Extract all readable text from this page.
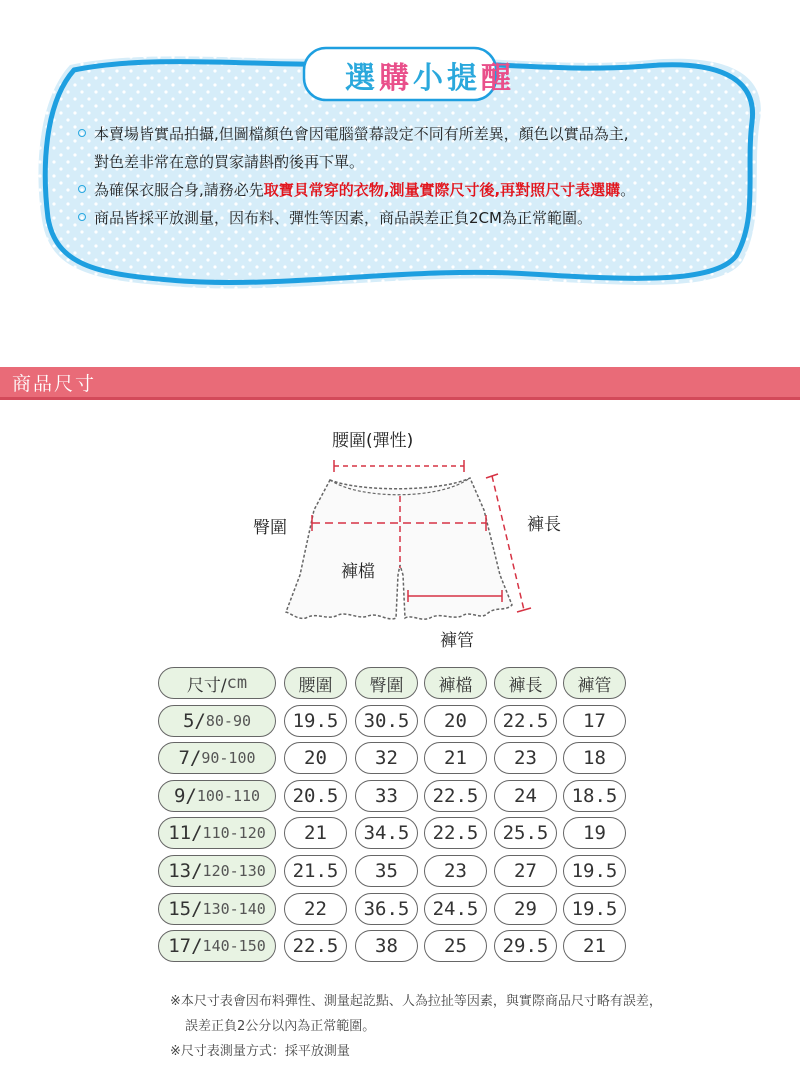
選購小提醒
本賣場皆實品拍攝,但圖檔顏色會因電腦螢幕設定不同有所差異，顏色以實品為主,
對色差非常在意的買家請斟酌後再下單。
為確保衣服合身,請務必先取寶貝常穿的衣物,測量實際尺寸後,再對照尺寸表選購。
商品皆採平放測量，因布料、彈性等因素，商品誤差正負2CM為正常範圍。
商品尺寸
腰圍(彈性)
臀圍	褲長
褲檔
褲管
尺寸/ cm	腰圍	臀圍	褲檔	褲長	褲管
5/ 80-90	19.5	30.5	20	22.5	17
7/ 90-100	20	32	21	23	18
9/ 100-110	20.5	33	22.5	24	18.5
11/ 110-120	21	34.5	22.5	25.5	19
13/ 120-130	21.5	35	23	27	19.5
15/ 130-140	22	36.5	24.5	29	19.5
17/ 140-150	22.5	38	25	29.5	21
※本尺寸表會因布料彈性、測量起訖點、人為拉扯等因素，與實際商品尺寸略有誤差，
誤差正負2公分以內為正常範圍。
※尺寸表測量方式：採平放測量
